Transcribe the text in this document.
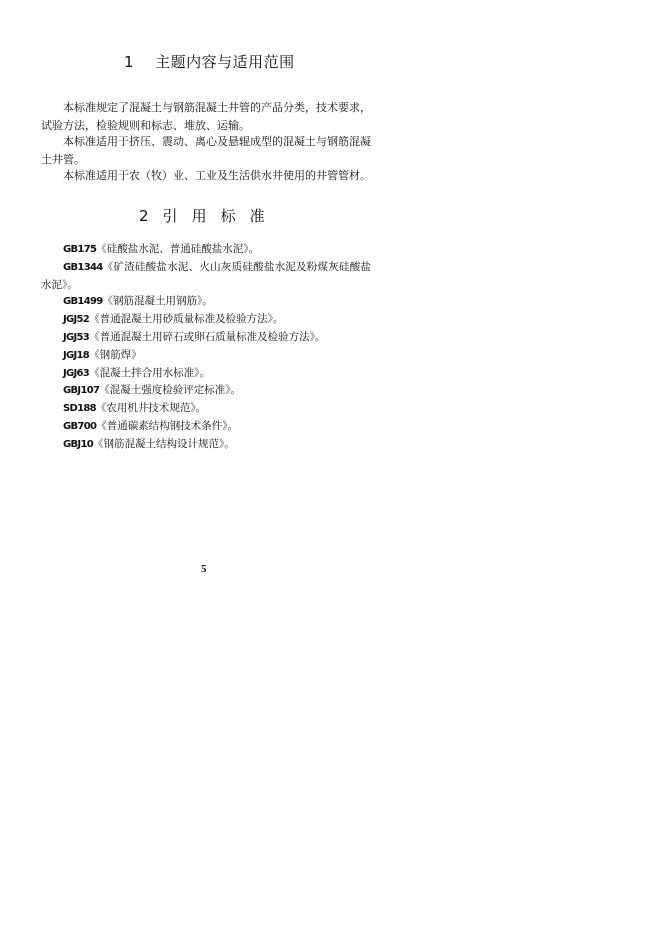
1 主题内容与适用范围

本标准规定了混凝土与钢筋混凝土井管的产品分类，技术要求，试验方法，检验规则和标志、堆放、运输。

本标准适用于挤压、震动、离心及悬辊成型的混凝土与钢筋混凝土井管。

本标准适用于农（牧）业、工业及生活供水井使用的井管管材。

2 引 用 标 准
GB175《硅酸盐水泥、普通硅酸盐水泥》。
GB1344《矿渣硅酸盐水泥、火山灰质硅酸盐水泥及粉煤灰硅酸盐水泥》。
GB1499《钢筋混凝土用钢筋》。
JGJ52《普通混凝土用砂质量标准及检验方法》。
JGJ53《普通混凝土用碎石或卵石质量标准及检验方法》。
JGJ18《钢筋焊》
JGJ63《混凝土拌合用水标准》。
GBJ107《混凝土强度检验评定标准》。
SD188《农用机井技术规范》。
GB700《普通碳素结构钢技术条件》。
GBJ10《钢筋混凝土结构设计规范》。
5
